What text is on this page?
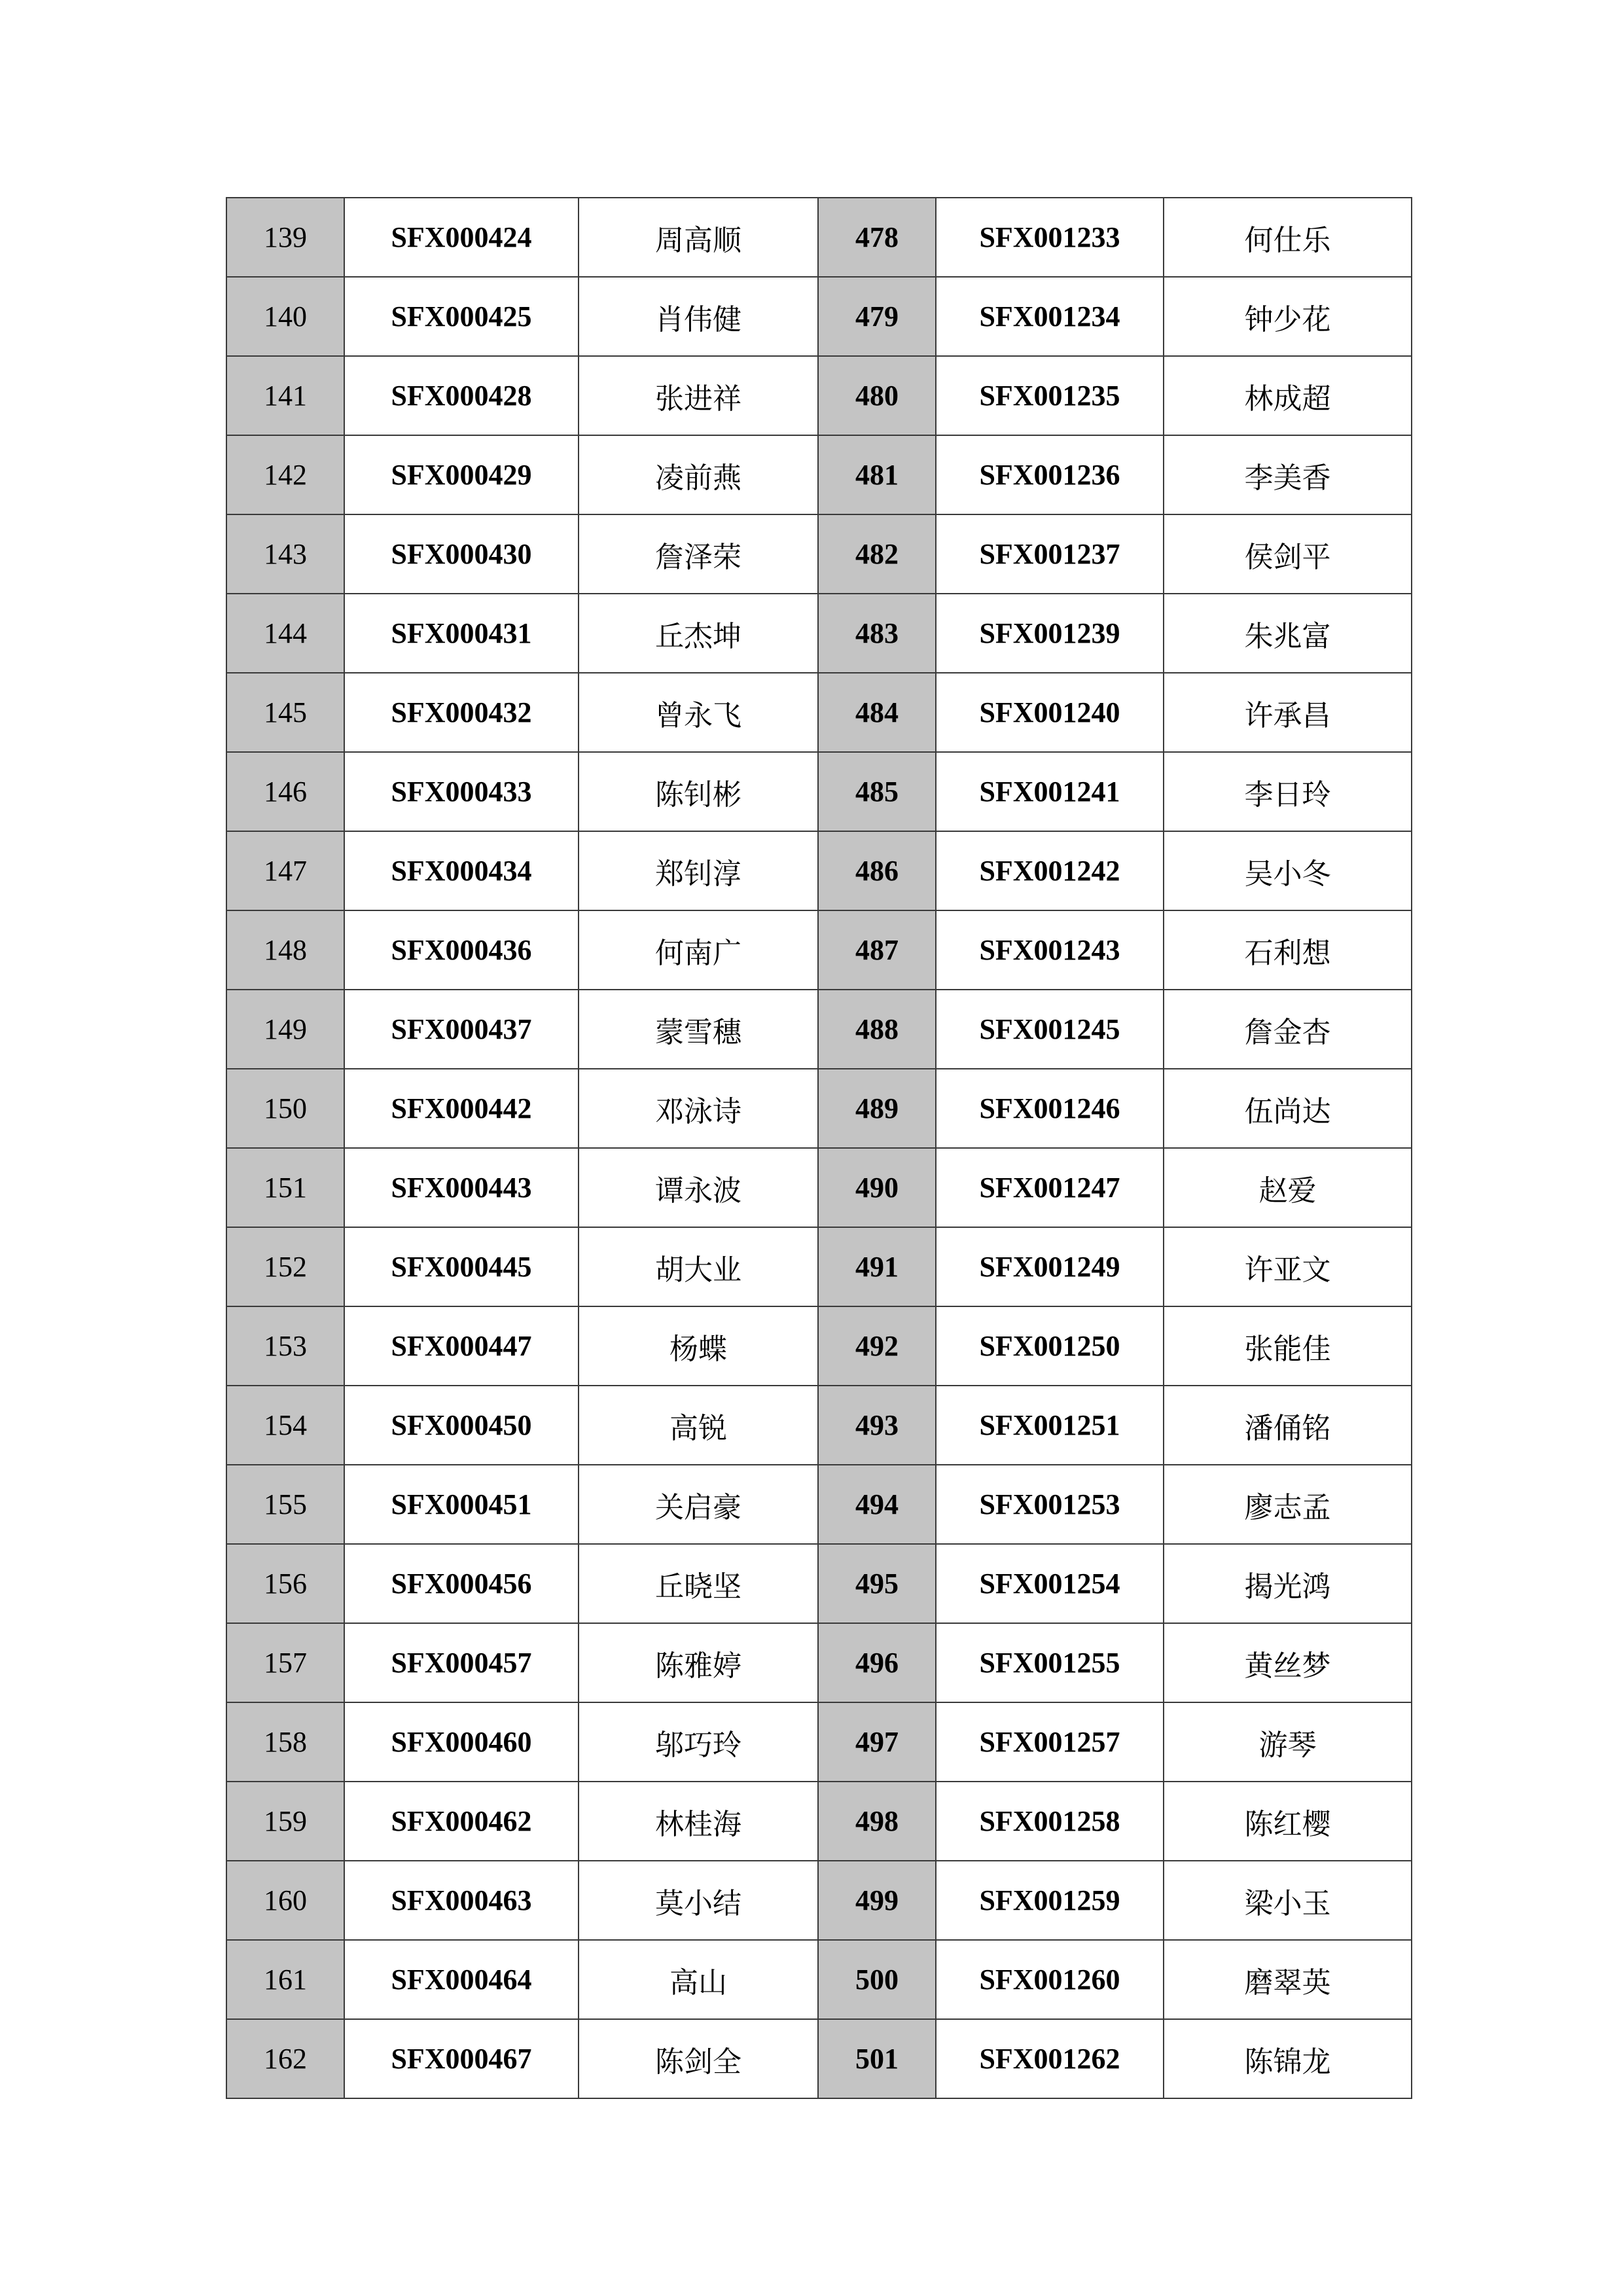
139	SFX000424	周高顺	478	SFX001233	何仕乐
140	SFX000425	肖伟健	479	SFX001234	钟少花
141	SFX000428	张进祥	480	SFX001235	林成超
142	SFX000429	凌前燕	481	SFX001236	李美香
143	SFX000430	詹泽荣	482	SFX001237	侯剑平
144	SFX000431	丘杰坤	483	SFX001239	朱兆富
145	SFX000432	曾永飞	484	SFX001240	许承昌
146	SFX000433	陈钊彬	485	SFX001241	李日玲
147	SFX000434	郑钊淳	486	SFX001242	吴小冬
148	SFX000436	何南广	487	SFX001243	石利想
149	SFX000437	蒙雪穗	488	SFX001245	詹金杏
150	SFX000442	邓泳诗	489	SFX001246	伍尚达
151	SFX000443	谭永波	490	SFX001247	赵爱
152	SFX000445	胡大业	491	SFX001249	许亚文
153	SFX000447	杨蝶	492	SFX001250	张能佳
154	SFX000450	高锐	493	SFX001251	潘俑铭
155	SFX000451	关启豪	494	SFX001253	廖志孟
156	SFX000456	丘晓坚	495	SFX001254	揭光鸿
157	SFX000457	陈雅婷	496	SFX001255	黄丝梦
158	SFX000460	邬巧玲	497	SFX001257	游琴
159	SFX000462	林桂海	498	SFX001258	陈红樱
160	SFX000463	莫小结	499	SFX001259	梁小玉
161	SFX000464	高山	500	SFX001260	磨翠英
162	SFX000467	陈剑全	501	SFX001262	陈锦龙
